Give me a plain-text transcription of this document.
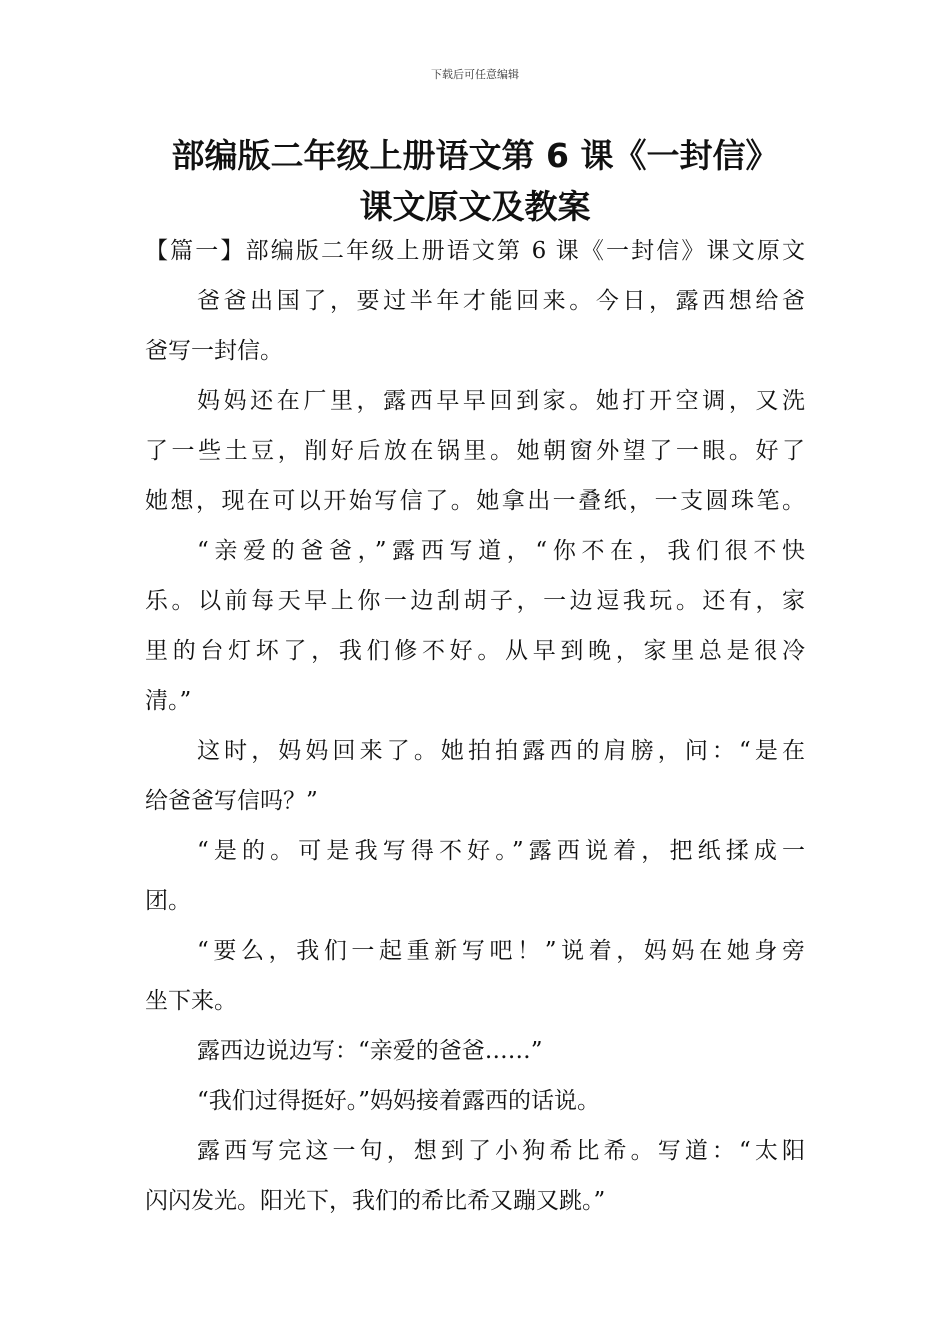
下载后可任意编辑
部编版二年级上册语文第 6 课《一封信》
课文原文及教案
【篇一】部编版二年级上册语文第 6 课《一封信》课文原文
爸爸出国了，要过半年才能回来。今日，露西想给爸
爸写一封信。
妈妈还在厂里，露西早早回到家。她打开空调，又洗
了一些土豆，削好后放在锅里。她朝窗外望了一眼。好了
她想，现在可以开始写信了。她拿出一叠纸，一支圆珠笔。
“亲爱的爸爸，”露西写道，“你不在，我们很不快
乐。以前每天早上你一边刮胡子，一边逗我玩。还有，家
里的台灯坏了，我们修不好。从早到晚，家里总是很冷
清。”
这时，妈妈回来了。她拍拍露西的肩膀，问：“是在
给爸爸写信吗？”
“是的。可是我写得不好。”露西说着，把纸揉成一
团。
“要么，我们一起重新写吧！”说着，妈妈在她身旁
坐下来。
露西边说边写：“亲爱的爸爸……”
“我们过得挺好。”妈妈接着露西的话说。
露西写完这一句，想到了小狗希比希。写道：“太阳
闪闪发光。阳光下，我们的希比希又蹦又跳。”
